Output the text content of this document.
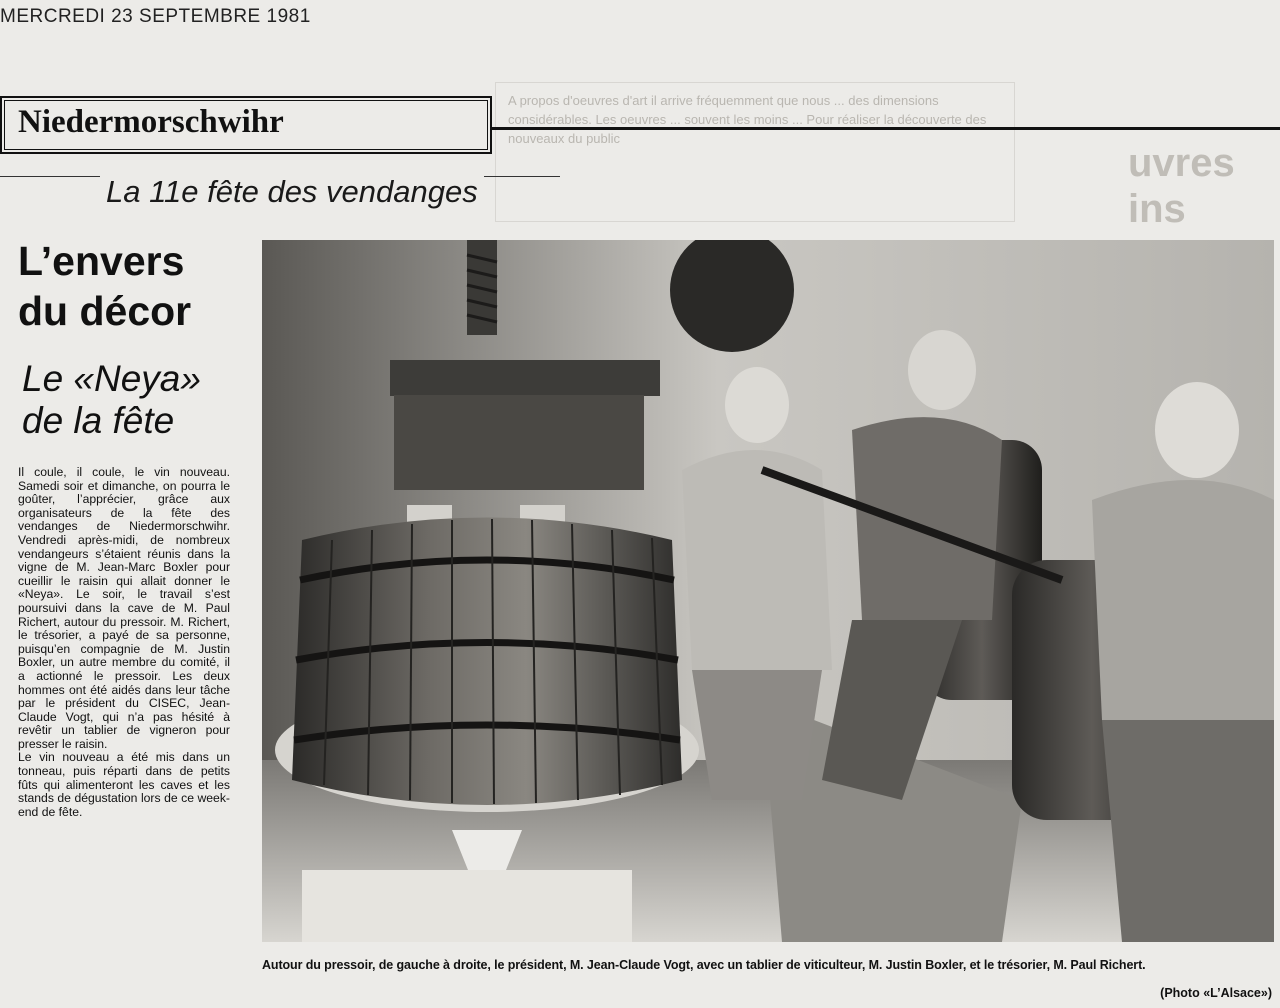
MERCREDI 23 SEPTEMBRE 1981
A propos d'oeuvres d'art il arrive fréquemment que nous ... des dimensions considérables. Les oeuvres ... souvent les moins ... Pour réaliser la découverte des nouveaux du public
uvres ins
Niedermorschwihr
La 11e fête des vendanges
L’envers
du décor
Le «Neya»
de la fête

Il coule, il coule, le vin nouveau. Samedi soir et dimanche, on pourra le goûter, l’apprécier, grâce aux organisateurs de la fête des vendanges de Niedermorschwihr. Vendredi après-midi, de nombreux vendangeurs s’étaient réunis dans la vigne de M. Jean-Marc Boxler pour cueillir le raisin qui allait donner le «Neya». Le soir, le travail s’est poursuivi dans la cave de M. Paul Richert, autour du pressoir. M. Richert, le trésorier, a payé de sa personne, puisqu’en compagnie de M. Justin Boxler, un autre membre du comité, il a actionné le pressoir. Les deux hommes ont été aidés dans leur tâche par le président du CISEC, Jean-Claude Vogt, qui n’a pas hésité à revêtir un tablier de vigneron pour presser le raisin.

Le vin nouveau a été mis dans un tonneau, puis réparti dans de petits fûts qui alimenteront les caves et les stands de dégustation lors de ce week-end de fête.

Autour du pressoir, de gauche à droite, le président, M. Jean-Claude Vogt, avec un tablier de viticulteur, M. Justin Boxler, et le trésorier, M. Paul Richert.
(Photo «L’Alsace»)
